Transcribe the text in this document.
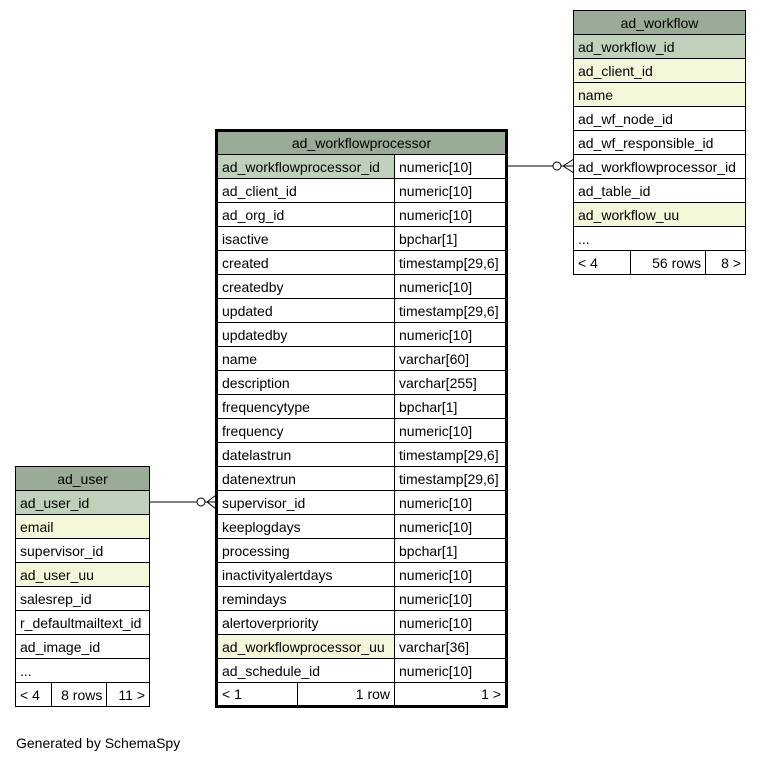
ad_workflow
ad_workflow_id
ad_client_id
name
ad_wf_node_id
ad_wf_responsible_id
ad_workflowprocessor_id
ad_table_id
ad_workflow_uu
...
< 4	56 rows	8 >
ad_workflowprocessor		
ad_workflowprocessor_id		numeric[10]
ad_client_id		numeric[10]
ad_org_id		numeric[10]
isactive		bpchar[1]
created		timestamp[29,6]
createdby		numeric[10]
updated		timestamp[29,6]
updatedby		numeric[10]
name		varchar[60]
description		varchar[255]
frequencytype		bpchar[1]
frequency		numeric[10]
datelastrun		timestamp[29,6]
datenextrun		timestamp[29,6]
supervisor_id		numeric[10]
keeplogdays		numeric[10]
processing		bpchar[1]
inactivityalertdays		numeric[10]
remindays		numeric[10]
alertoverpriority		numeric[10]
ad_workflowprocessor_uu		varchar[36]
ad_schedule_id		numeric[10]
< 1	1 row	1 >
ad_user
ad_user_id
email
supervisor_id
ad_user_uu
salesrep_id
r_defaultmailtext_id
ad_image_id
...
< 4	8 rows	11 >
Generated by SchemaSpy
